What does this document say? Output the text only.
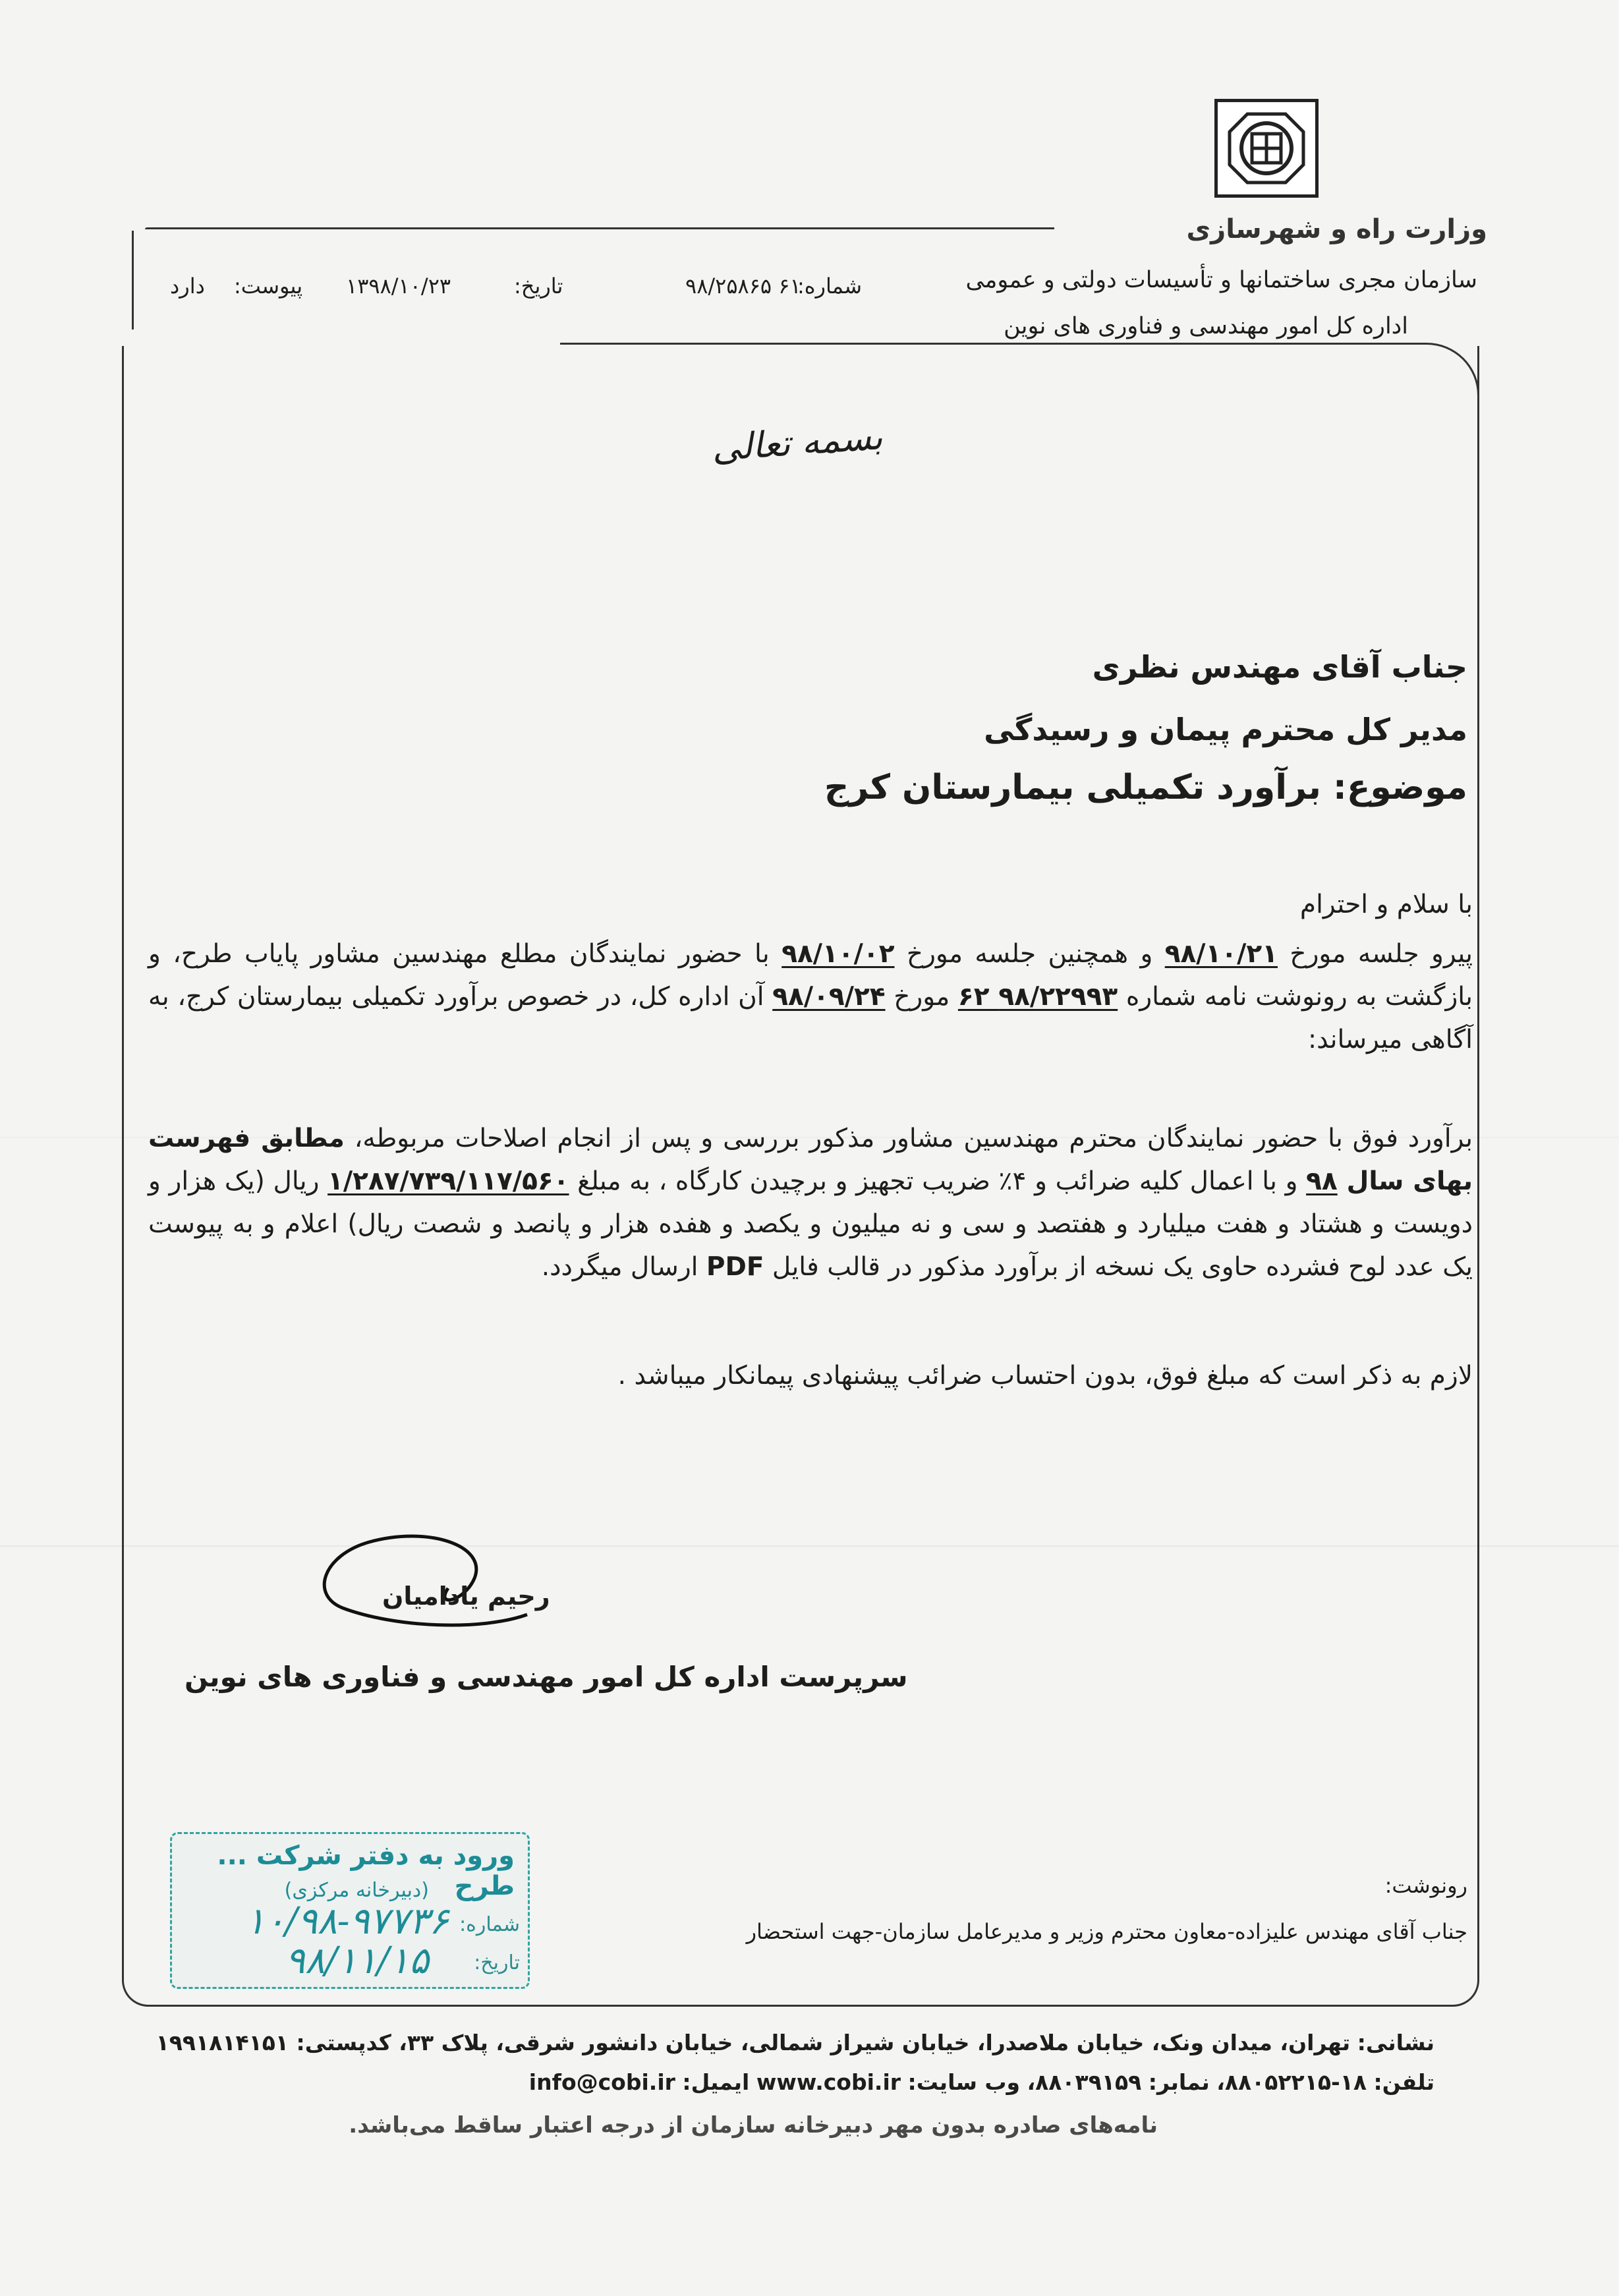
وزارت راه و شهرسازی
سازمان مجری ساختمانها و تأسیسات دولتی و عمومی
اداره کل امور مهندسی و فناوری های نوین
شماره:
۶۱ ۹۸/۲۵۸۶۵
تاریخ:
۱۳۹۸/۱۰/۲۳
پیوست:
دارد
بسمه تعالی
جناب آقای مهندس نظری
مدیر کل محترم پیمان و رسیدگی
موضوع: برآورد تکمیلی بیمارستان کرج
با سلام و احترام
پیرو جلسه مورخ ۹۸/۱۰/۲۱ و همچنین جلسه مورخ ۹۸/۱۰/۰۲ با حضور نمایندگان مطلع مهندسین مشاور پایاب طرح، و بازگشت به رونوشت نامه شماره ۹۸/۲۲۹۹۳ ۶۲ مورخ ۹۸/۰۹/۲۴ آن اداره کل، در خصوص برآورد تکمیلی بیمارستان کرج، به آگاهی میرساند:
برآورد فوق با حضور نمایندگان محترم مهندسین مشاور مذکور بررسی و پس از انجام اصلاحات مربوطه، مطابق فهرست بهای سال ۹۸ و با اعمال کلیه ضرائب و ۴٪ ضریب تجهیز و برچیدن کارگاه ، به مبلغ ۱/۲۸۷/۷۳۹/۱۱۷/۵۶۰ ریال (یک هزار و دویست و هشتاد و هفت میلیارد و هفتصد و سی و نه میلیون و یکصد و هفده هزار و پانصد و شصت ریال) اعلام و به پیوست یک عدد لوح فشرده حاوی یک نسخه از برآورد مذکور در قالب فایل PDF ارسال میگردد.
لازم به ذکر است که مبلغ فوق، بدون احتساب ضرائب پیشنهادی پیمانکار میباشد .
رحیم یادامیان
سرپرست اداره کل امور مهندسی و فناوری های نوین
ورود به دفتر شرکت ... طرح
(دبیرخانه مرکزی)
شماره:
۱۰/۹۸-۹۷۷۳۶
تاریخ:
۹۸/۱۱/۱۵
رونوشت:
جناب آقای مهندس علیزاده-معاون محترم وزیر و مدیرعامل سازمان-جهت استحضار
نشانی: تهران، میدان ونک، خیابان ملاصدرا، خیابان شیراز شمالی، خیابان دانشور شرقی، پلاک ۳۳، کدپستی: ۱۹۹۱۸۱۴۱۵۱
تلفن: ۱۸-۸۸۰۵۲۲۱۵، نمابر: ۸۸۰۳۹۱۵۹، وب سایت: www.cobi.ir ایمیل: info@cobi.ir
نامه‌های صادره بدون مهر دبیرخانه سازمان از درجه اعتبار ساقط می‌باشد.
